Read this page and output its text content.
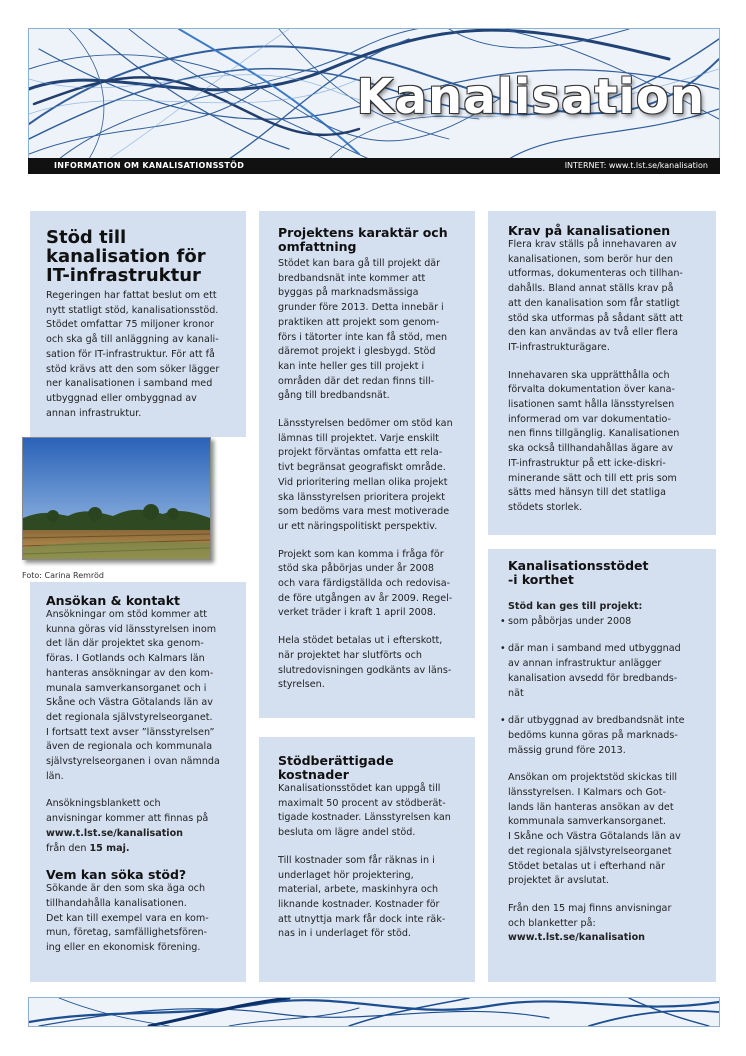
Kanalisation
INFORMATION OM KANALISATIONSSTÖD	INTERNET: www.t.lst.se/kanalisation
Stöd till
kanalisation för
IT-infrastruktur

Regeringen har fattat beslut om ett
nytt statligt stöd, kanalisationsstöd.
Stödet omfattar 75 miljoner kronor
och ska gå till anläggning av kanali-
sation för IT-infrastruktur. För att få
stöd krävs att den som söker lägger
ner kanalisationen i samband med
utbyggnad eller ombyggnad av
annan infrastruktur.

Foto: Carina Remröd
Ansökan & kontakt

Ansökningar om stöd kommer att
kunna göras vid länsstyrelsen inom
det län där projektet ska genom-
föras. I Gotlands och Kalmars län
hanteras ansökningar av den kom-
munala samverkansorganet och i
Skåne och Västra Götalands län av
det regionala självstyrelseorganet.
I fortsatt text avser ”länsstyrelsen”
även de regionala och kommunala
självstyrelseorganen i ovan nämnda
län.

Ansökningsblankett och
anvisningar kommer att finnas på
www.t.lst.se/kanalisation
från den 15 maj.

Vem kan söka stöd?

Sökande är den som ska äga och
tillhandahålla kanalisationen.
Det kan till exempel vara en kom-
mun, företag, samfällighetsfören-
ing eller en ekonomisk förening.

Projektens karaktär och
omfattning

Stödet kan bara gå till projekt där
bredbandsnät inte kommer att
byggas på marknadsmässiga
grunder före 2013. Detta innebär i
praktiken att projekt som genom-
förs i tätorter inte kan få stöd, men
däremot projekt i glesbygd. Stöd
kan inte heller ges till projekt i
områden där det redan finns till-
gång till bredbandsnät.

Länsstyrelsen bedömer om stöd kan
lämnas till projektet. Varje enskilt
projekt förväntas omfatta ett rela-
tivt begränsat geografiskt område.
Vid prioritering mellan olika projekt
ska länsstyrelsen prioritera projekt
som bedöms vara mest motiverade
ur ett näringspolitiskt perspektiv.

Projekt som kan komma i fråga för
stöd ska påbörjas under år 2008
och vara färdigställda och redovisa-
de före utgången av år 2009. Regel-
verket träder i kraft 1 april 2008.

Hela stödet betalas ut i efterskott,
när projektet har slutförts och
slutredovisningen godkänts av läns-
styrelsen.

Stödberättigade
kostnader

Kanalisationsstödet kan uppgå till
maximalt 50 procent av stödberät-
tigade kostnader. Länsstyrelsen kan
besluta om lägre andel stöd.

Till kostnader som får räknas in i
underlaget hör projektering,
material, arbete, maskinhyra och
liknande kostnader. Kostnader för
att utnyttja mark får dock inte räk-
nas in i underlaget för stöd.

Krav på kanalisationen

Flera krav ställs på innehavaren av
kanalisationen, som berör hur den
utformas, dokumenteras och tillhan-
dahålls. Bland annat ställs krav på
att den kanalisation som får statligt
stöd ska utformas på sådant sätt att
den kan användas av två eller flera
IT-infrastrukturägare.

Innehavaren ska upprätthålla och
förvalta dokumentation över kana-
lisationen samt hålla länsstyrelsen
informerad om var dokumentatio-
nen finns tillgänglig. Kanalisationen
ska också tillhandahållas ägare av
IT-infrastruktur på ett icke-diskri-
minerande sätt och till ett pris som
sätts med hänsyn till det statliga
stödets storlek.

Kanalisationsstödet
-i korthet

Stöd kan ges till projekt:

• som påbörjas under 2008
• där man i samband med utbyggnad
av annan infrastruktur anlägger
kanalisation avsedd för bredbands-
nät
• där utbyggnad av bredbandsnät inte
bedöms kunna göras på marknads-
mässig grund före 2013.

Ansökan om projektstöd skickas till
länsstyrelsen. I Kalmars och Got-
lands län hanteras ansökan av det
kommunala samverkansorganet.
I Skåne och Västra Götalands län av
det regionala självstyrelseorganet
Stödet betalas ut i efterhand när
projektet är avslutat.

Från den 15 maj finns anvisningar
och blanketter på:
www.t.lst.se/kanalisation
